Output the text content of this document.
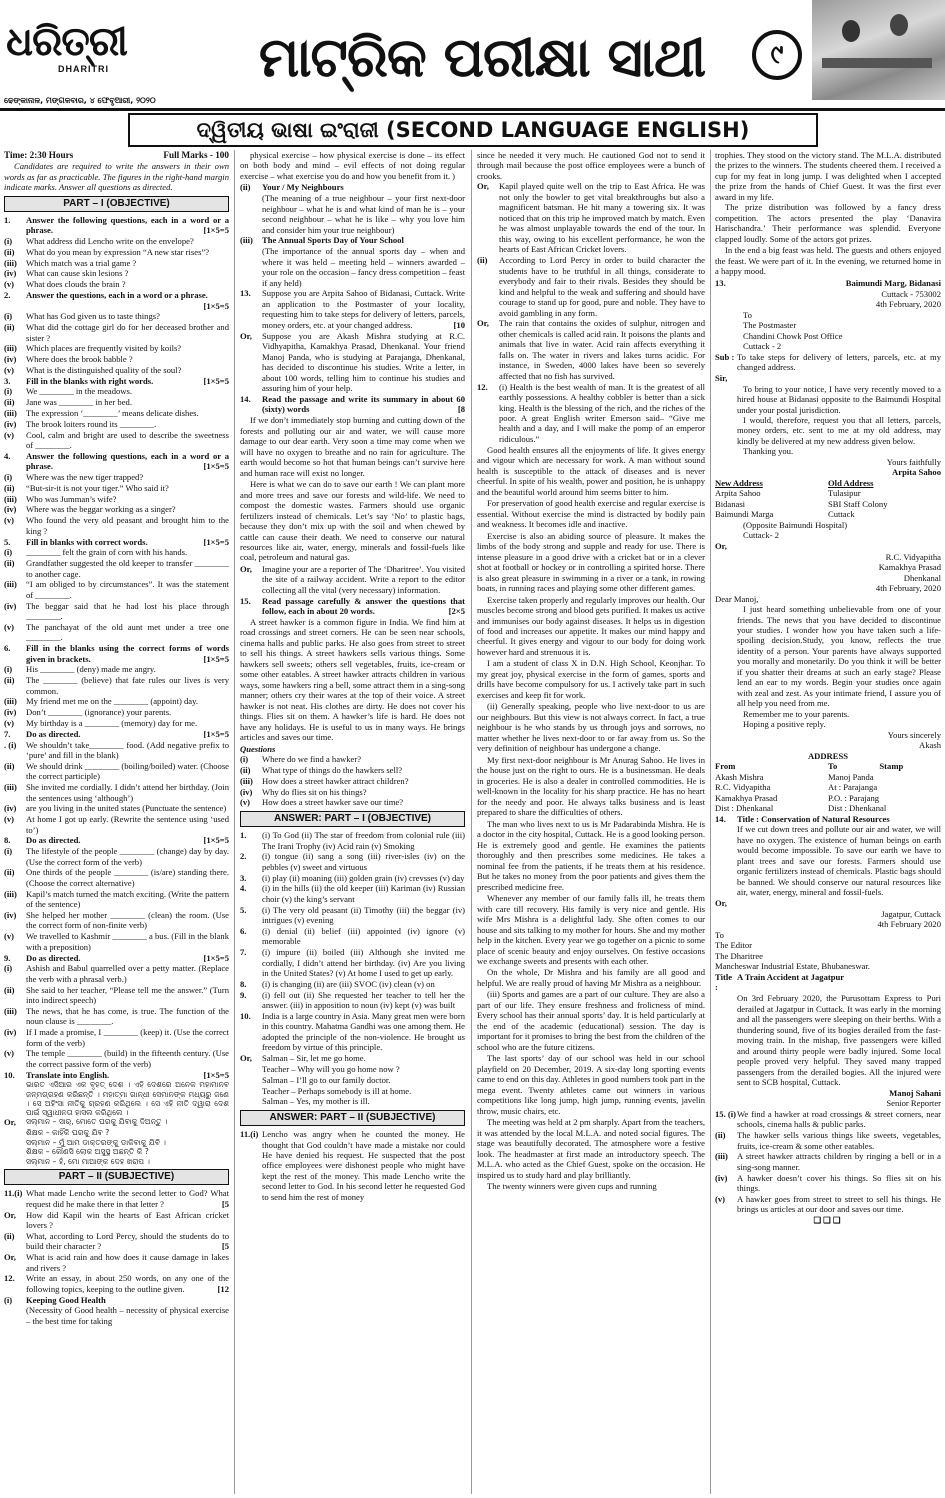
ଧରିତ୍ରୀ
DHARITRI
ଢେଙ୍କାନାଳ, ମଙ୍ଗଳବାର, ୪ ଫେବୃଆରୀ, ୨୦୨୦
ମାଟ୍ରିକ ପରୀକ୍ଷା ସାଥୀ	୯
ଦ୍ୱିତୀୟ ଭାଷା ଇଂରାଜୀ (SECOND LANGUAGE ENGLISH)
Time: 2:30 Hours	Full Marks - 100
Candidates are required to write the answers in their own words as far as practicable. The figures in the right-hand margin indicate marks. Answer all questions as directed.
PART – I (OBJECTIVE)
1.	Answer the following questions, each in a word or a phrase.	[1×5=5
(i)	What address did Lencho write on the envelope?
(ii)	What do you mean by expression “A new star rises”?
(iii)	Which match was a trial game ?
(iv)	What can cause skin lesions ?
(v)	What does clouds the brain ?
2.	Answer the questions, each in a word or a phrase.
[1×5=5
(i)	What has God given us to taste things?
(ii)	What did the cottage girl do for her deceased brother and sister ?
(iii)	Which places are frequently visited by koils?
(iv)	Where does the brook babble ?
(v)	What is the distinguished quality of the soul?
3.	Fill in the blanks with right words.	[1×5=5
(i)	We ________ in the meadows.
(ii)	Jane was ________ in her bed.
(iii)	The expression ‘________’ means delicate dishes.
(iv)	The brook loiters round its ________.
(v)	Cool, calm and bright are used to describe the sweetness of ________.
4.	Answer the following questions, each in a word or a phrase.	[1×5=5
(i)	Where was the new tiger trapped?
(ii)	“But-sir-it is not your tiger.” Who said it?
(iii)	Who was Jumman’s wife?
(iv)	Where was the beggar working as a singer?
(v)	Who found the very old peasant and brought him to the king ?
5.	Fill in blanks with correct words.	[1×5=5
(i)	________ felt the grain of corn with his hands.
(ii)	Grandfather suggested the old keeper to transfer ________ to another cage.
(iii)	“I am obliged to by circumstances”. It was the statement of ________.
(iv)	The beggar said that he had lost his place through ________.
(v)	The panchayat of the old aunt met under a tree one ________.
6.	Fill in the blanks using the correct forms of words given in brackets.	[1×5=5
(i)	His ________ (deny) made me angry.
(ii)	The ________ (believe) that fate rules our lives is very common.
(iii)	My friend met me on the ________ (appoint) day.
(iv)	Don’t ________ (ignorance) your parents.
(v)	My birthday is a ________ (memory) day for me.
7.	Do as directed.	[1×5=5
. (i)	We shouldn’t take________ food. (Add negative prefix to ‘pure’ and fill in the blank)
(ii)	We should drink ________ (boiling/boiled) water. (Choose the correct participle)
(iii)	She invited me cordially. I didn’t attend her birthday. (Join the sentences using ‘although’)
(iv)	are you living in the united states (Punctuate the sentence)
(v)	At home I got up early. (Rewrite the sentence using ‘used to’)
8.	Do as directed.	[1×5=5
(i)	The lifestyle of the people ________ (change) day by day. (Use the correct form of the verb)
(ii)	One thirds of the people ________ (is/are) standing there. (Choose the correct alternative)
(iii)	Kapil’s match turned the match exciting. (Write the pattern of the sentence)
(iv)	She helped her mother ________ (clean) the room. (Use the correct form of non-finite verb)
(v)	We travelled to Kashmir ________ a bus. (Fill in the blank with a preposition)
9.	Do as directed.	[1×5=5
(i)	Ashish and Babul quarrelled over a petty matter. (Replace the verb with a phrasal verb.)
(ii)	She said to her teacher, “Please tell me the answer.” (Turn into indirect speech)
(iii)	The news, that he has come, is true. The function of the noun clause is ________.
(iv)	If I made a promise, I ________ (keep) it. (Use the correct form of the verb)
(v)	The temple ________ (build) in the fifteenth century. (Use the correct passive form of the verb)
10.	Translate into English.	[1×5=5
ଭାରତ ଏସିଆର ଏକ ବୃହତ୍ ଦେଶ । ଏହି ଦେଶରେ ଅନେକ ମହାମାନବ ଜନ୍ମଗ୍ରହଣ କରିଛନ୍ତି । ମହାତ୍ମା ଗାନ୍ଧୀ ସେମାନଙ୍କ ମଧ୍ୟରୁ ଜଣେ । ସେ ଅହିଂସା ନୀତିକୁ ଗ୍ରହଣ କରିଥିଲେ । ସେ ଏହି ନୀତି ଦ୍ୱାରା ଦେଶ ପାଇଁ ସ୍ୱାଧୀନତା ହାସଲ କରିଥିଲେ ।
Or,	ସଲ୍‌ମାନ – ସାର୍, ମୋତେ ଘରକୁ ଯିବାକୁ ଦିଅନ୍ତୁ ।
ଶିକ୍ଷକ – କାହିଁକି ଘରକୁ ଯିବ ?
ସଲ୍‌ମାନ – ମୁଁ ଆମ ଡାକ୍ତରଙ୍କୁ ଡାକିବାକୁ ଯିବି ।
ଶିକ୍ଷକ – କୌଣସି ଲୋକ ଅସୁସ୍ଥ ଅଛନ୍ତି କି ?
ସଲ୍‌ମାନ – ହଁ, ମୋ ମାଆଙ୍କ ଦେହ ଖରାପ ।
PART – II (SUBJECTIVE)
11.(i) What made Lencho write the second letter to God? What request did he make there in that letter ?	[5
Or,	How did Kapil win the hearts of East African cricket lovers ?
(ii)	What, according to Lord Percy, should the students do to build their character ?	[5
Or,	What is acid rain and how does it cause damage in lakes and rivers ?
12.	Write an essay, in about 250 words, on any one of the following topics, keeping to the outline given.	[12
(i)	Keeping Good Health
(Necessity of Good health – necessity of physical exercise – the best time for taking
physical exercise – how physical exercise is done – its effect on both body and mind – evil effects of not doing regular exercise – what exercise you do and how you benefit from it. )
(ii)	Your / My Neighbours
(The meaning of a true neighbour – your first next-door neighbour – what he is and what kind of man he is – your second neighbour – what he is like – why you love him and consider him your true neighbour)
(iii)	The Annual Sports Day of Your School
(The importance of the annual sports day – when and where it was held – meeting held – winners awarded – your role on the occasion – fancy dress competition – feast if any held)
13.	Suppose you are Arpita Sahoo of Bidanasi, Cuttack. Write an application to the Postmaster of your locality, requesting him to take steps for delivery of letters, parcels, money orders, etc. at your changed address.	[10
Or,	Suppose you are Akash Mishra studying at R.C. Vidhyapitha, Kamakhya Prasad, Dhenkanal. Your friend Manoj Panda, who is studying at Parajanga, Dhenkanal, has decided to discontinue his studies. Write a letter, in about 100 words, telling him to continue his studies and assuring him of your help.
14.	Read the passage and write its summary in about 60 (sixty) words	[8
If we don’t immediately stop burning and cutting down of the forests and polluting our air and water, we will cause more damage to our dear earth. Very soon a time may come when we will have no oxygen to breathe and no rain for agriculture. The earth would become so hot that human beings can’t survive here and human race will exist no longer.
Here is what we can do to save our earth ! We can plant more and more trees and save our forests and wild-life. We need to compost the domestic wastes. Farmers should use organic fertilizers instead of chemicals. Let’s say ‘No’ to plastic bags, because they don’t mix up with the soil and when chewed by cattle can cause their death. We need to conserve our natural resources like air, water, energy, minerals and fossil-fuels like coal, petroleum and natural gas.
Or,	Imagine your are a reporter of The ‘Dharitree’. You visited the site of a railway accident. Write a report to the editor collecting all the vital (very necessary) information.
15.	Read passage carefully & answer the questions that follow, each in about 20 words.	[2×5
A street hawker is a common figure in India. We find him at road crossings and street corners. He can be seen near schools, cinema halls and public parks. He also goes from street to street to sell his things. A street hawkers sells various things. Some hawkers sell sweets; others sell vegetables, fruits, ice-cream or some other eatables. A street hawker attracts children in various ways, some hawkers ring a bell, some attract them in a sing-song manner; others cry their wares at the top of their voice. A street hawker is not neat. His clothes are dirty. He does not cover his things. Flies sit on them. A hawker’s life is hard. He does not have any holidays. He is useful to us in many ways. He brings articles and saves our time.
Questions
(i)	Where do we find a hawker?
(ii)	What type of things do the hawkers sell?
(iii)	How does a street hawker attract children?
(iv)	Why do flies sit on his things?
(v)	How does a street hawker save our time?
ANSWER: PART – I (OBJECTIVE)
1.	(i) To God (ii) The star of freedom from colonial rule (iii) The Irani Trophy (iv) Acid rain (v) Smoking
2.	(i) tongue (ii) sang a song (iii) river-isles (iv) on the pebbles (v) sweet and virtuous
3.	(i) play (ii) moaning (iii) golden grain (iv) crevsses (v) day
4.	(i) in the hills (ii) the old keeper (iii) Kariman (iv) Russian choir (v) the king’s servant
5.	(i) The very old peasant (ii) Timothy (iii) the beggar (iv) intrigues (v) evening
6.	(i) denial (ii) belief (iii) appointed (iv) ignore (v) memorable
7.	(i) impure (ii) boiled (iii) Although she invited me cordially, I didn’t attend her birthday. (iv) Are you living in the United States? (v) At home I used to get up early.
8.	(i) is changing (ii) are (iii) SVOC (iv) clean (v) on
9.	(i) fell out (ii) She requested her teacher to tell her the answer. (iii) in apposition to noun (iv) kept (v) was built
10.	India is a large country in Asia. Many great men were born in this country. Mahatma Gandhi was one among them. He adopted the principle of the non-violence. He brought us freedom by virtue of this principle.
Or,	Salman – Sir, let me go home.
Teacher – Why will you go home now ?
Salman – I’ll go to our family doctor.
Teacher – Perhaps somebody is ill at home.
Salman – Yes, my mother is ill.
ANSWER: PART – II (SUBJECTIVE)
11.(i) Lencho was angry when he counted the money. He thought that God couldn’t have made a mistake nor could He have denied his request. He suspected that the post office employees were dishonest people who might have kept the rest of the money. This made Lencho write the second letter to God. In his second letter he requested God to send him the rest of money
since he needed it very much. He cautioned God not to send it through mail because the post office employees were a bunch of crooks.
Or,	Kapil played quite well on the trip to East Africa. He was not only the bowler to get vital breakthroughs but also a magnificent batsman. He hit many a towering six. It was noticed that on this trip he improved match by match. Even he was almost unplayable towards the end of the tour. In this way, owing to his excellent performance, he won the hearts of East African Cricket lovers.
(ii)	According to Lord Percy in order to build character the students have to be truthful in all things, considerate to everybody and fair to their rivals. Besides they should be kind and helpful to the weak and suffering and should have courage to stand up for good, pure and noble. They have to avoid gambling in any form.
Or,	The rain that contains the oxides of sulphur, nitrogen and other chemicals is called acid rain. It poisons the plants and animals that live in water. Acid rain affects everything it falls on. The water in rivers and lakes turns acidic. For instance, in Sweden, 4000 lakes have been so severely affected that no fish has survived.
12.	(i) Health is the best wealth of man. It is the greatest of all earthly possessions. A healthy cobbler is better than a sick king. Health is the blessing of the rich, and the riches of the poor. A great English writer Emerson said– “Give me health and a day, and I will make the pomp of an emperor ridiculous.”
Good health ensures all the enjoyments of life. It gives energy and vigour which are necessary for work. A man without sound health is susceptible to the attack of diseases and is never cheerful. In spite of his wealth, power and position, he is unhappy and the beautiful world around him seems bitter to him.
For preservation of good health exercise and regular exercise is essential. Without exercise the mind is distracted by bodily pain and weakness. It becomes idle and inactive.
Exercise is also an abiding source of pleasure. It makes the limbs of the body strong and supple and ready for use. There is intense pleasure in a good drive with a cricket bat or in a clever shot at football or hockey or in controlling a spirited horse. There is also great pleasure in swimming in a river or a tank, in rowing boats, in running races and playing some other different games.
Exercise taken properly and regularly improves our health. Our muscles become strong and blood gets purified. It makes us active and immunises our body against diseases. It helps us in digestion of food and increases our appetite. It makes our mind happy and cheerful. It gives energy and vigour to our body for doing work however hard and strenuous it is.
I am a student of class X in D.N. High School, Keonjhar. To my great joy, physical exercise in the form of games, sports and drills have become compulsory for us. I actively take part in such exercises and keep fit for work.
(ii) Generally speaking, people who live next-door to us are our neighbours. But this view is not always correct. In fact, a true neighbour is he who stands by us through joys and sorrows, no matter whether he lives next-door to or far away from us. So the very definition of neighbour has undergone a change.
My first next-door neighbour is Mr Anurag Sahoo. He lives in the house just on the right to ours. He is a businessman. He deals in groceries. He is also a dealer in controlled commodities. He is well-known in the locality for his sharp practice. He has no heart for the needy and poor. He always talks business and is least prepared to share the difficulties of others.
The man who lives next to us is Mr Padarabinda Mishra. He is a doctor in the city hospital, Cuttack. He is a good looking person. He is extremely good and gentle. He examines the patients thoroughly and then prescribes some medicines. He takes a nominal fee from the patients, if he treats them at his residence. But he takes no money from the poor patients and gives them the prescribed medicine free.
Whenever any member of our family falls ill, he treats them with care till recovery. His family is very nice and gentle. His wife Mrs Mishra is a delightful lady. She often comes to our house and sits talking to my mother for hours. She and my mother help in the kitchen. Every year we go together on a picnic to some place of scenic beauty and enjoy ourselves. On festive occasions we exchange sweets and presents with each other.
On the whole, Dr Mishra and his family are all good and helpful. We are really proud of having Mr Mishra as a neighbour.
(iii) Sports and games are a part of our culture. They are also a part of our life. They ensure freshness and frolicness of mind. Every school has their annual sports’ day. It is held particularly at the end of the academic (educational) session. The day is important for it promises to bring the best from the children of the school who are the future citizens.
The last sports’ day of our school was held in our school playfield on 20 December, 2019. A six-day long sporting events came to end on this day. Athletes in good numbers took part in the mega event. Twenty athletes came out winners in various competitions like long jump, high jump, running events, javelin throw, music chairs, etc.
The meeting was held at 2 pm sharply. Apart from the teachers, it was attended by the local M.L.A. and noted social figures. The stage was beautifully decorated. The atmosphere wore a festive look. The headmaster at first made an introductory speech. The M.L.A. who acted as the Chief Guest, spoke on the occasion. He inspired us to study hard and play brilliantly.
The twenty winners were given cups and running
trophies. They stood on the victory stand. The M.L.A. distributed the prizes to the winners. The students cheered them. I received a cup for my feat in long jump. I was delighted when I accepted the prize from the hands of Chief Guest. It was the first ever award in my life.
The prize distribution was followed by a fancy dress competition. The actors presented the play ‘Danavira Harischandra.’ Their performance was splendid. Everyone clapped loudly. Some of the actors got prizes.
In the end a big feast was held. The guests and others enjoyed the feast. We were part of it. In the evening, we returned home in a happy mood.
13.	Baimundi Marg, Bidanasi
Cuttack - 753002
4th February, 2020
To
The Postmaster
Chandini Chowk Post Office
Cuttack - 2
Sub : To take steps for delivery of letters, parcels, etc. at my changed address.
Sir,
To bring to your notice, I have very recently moved to a hired house at Bidanasi opposite to the Baimundi Hospital under your postal jurisdiction.
I would, therefore, request you that all letters, parcels, money orders, etc. sent to me at my old address, may kindly be delivered at my new address given below.
Thanking you.
Yours faithfully
Arpita Sahoo
New Address	Old Address
Arpita Sahoo	Tulasipur
Bidanasi	SBI Staff Colony
Baimundi Marga	Cuttack
(Opposite Baimundi Hospital)
Cuttack- 2
Or,
R.C. Vidyapitha
Kamakhya Prasad
Dhenkanal
4th February, 2020
Dear Manoj,
I just heard something unbelievable from one of your friends. The news that you have decided to discontinue your studies. I wonder how you have taken such a life-spoiling decision.Study, you know, reflects the true identity of a person. Your parents have always supported you morally and monetarily. Do you think it will be better if you shatter their dreams at such an early stage? Please lend an ear to my words. Begin your studies once again with zeal and zest. As your intimate friend, I assure you of all help you need from me.
Remember me to your parents.
Hoping a positive reply.
Yours sincerely
Akash
ADDRESS
From	To Stamp
Akash Mishra	Manoj Panda
R.C. Vidyapitha	At : Parajanga
Kamakhya Prasad	P.O. : Parajang
Dist : Dhenkanal	Dist : Dhenkanal
14.	Title : Conservation of Natural Resources
If we cut down trees and pollute our air and water, we will have no oxygen. The existence of human beings on earth would become impossible. To save our earth we have to plant trees and save our forests. Farmers should use organic fertilizers instead of chemicals. Plastic bags should be banned. We should conserve our natural resources like air, water, energy, mineral and fossil-fuels.
Or,
Jagatpur, Cuttack
4th February 2020
To
The Editor
The Dharitree
Mancheswar Industrial Estate, Bhubaneswar.
Title :
A Train Accident at Jagatpur
On 3rd February 2020, the Purusottam Express to Puri derailed at Jagatpur in Cuttack. It was early in the morning and all the passengers were sleeping on their berths. With a thundering sound, five of its bogies derailed from the fast-moving train. In the mishap, five passengers were killed and around thirty people were badly injured. Some local people proved very helpful. They saved many trapped passengers from the derailed bogies. All the injured were sent to SCB hospital, Cuttack.
Manoj Sahani
Senior Reporter
15. (i) We find a hawker at road crossings & street corners, near schools, cinema halls & public parks.
(ii)	The hawker sells various things like sweets, vegetables, fruits, ice-cream & some other eatables.
(iii)	A street hawker attracts children by ringing a bell or in a sing-song manner.
(iv)	A hawker doesn’t cover his things. So flies sit on his things.
(v)	A hawker goes from street to street to sell his things. He brings us articles at our door and saves our time.
❑❑❑
